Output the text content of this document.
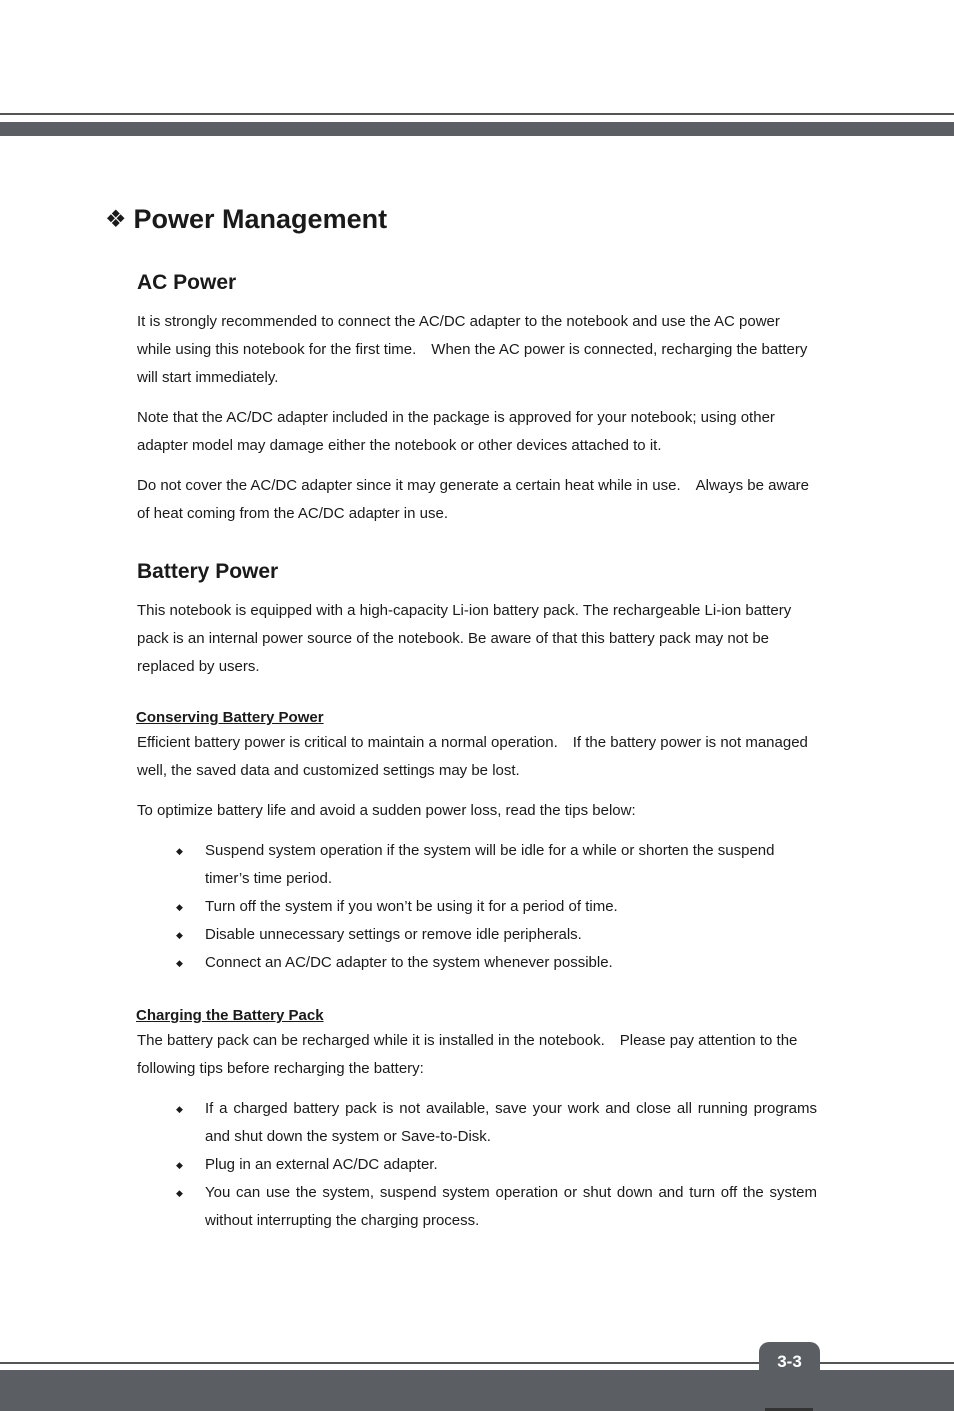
❖ Power Management
AC Power

It is strongly recommended to connect the AC/DC adapter to the notebook and use the AC power while using this notebook for the first time.　When the AC power is connected, recharging the battery will start immediately.

Note that the AC/DC adapter included in the package is approved for your notebook; using other adapter model may damage either the notebook or other devices attached to it.

Do not cover the AC/DC adapter since it may generate a certain heat while in use.　Always be aware of heat coming from the AC/DC adapter in use.

Battery Power

This notebook is equipped with a high-capacity Li-ion battery pack. The rechargeable Li-ion battery pack is an internal power source of the notebook. Be aware of that this battery pack may not be replaced by users.

Conserving Battery Power

Efficient battery power is critical to maintain a normal operation.　If the battery power is not managed well, the saved data and customized settings may be lost.

To optimize battery life and avoid a sudden power loss, read the tips below:

◆ Suspend system operation if the system will be idle for a while or shorten the suspend timer’s time period.
◆ Turn off the system if you won’t be using it for a period of time.
◆ Disable unnecessary settings or remove idle peripherals.
◆ Connect an AC/DC adapter to the system whenever possible.
Charging the Battery Pack

The battery pack can be recharged while it is installed in the notebook.　Please pay attention to the following tips before recharging the battery:

◆ If a charged battery pack is not available, save your work and close all running programs and shut down the system or Save-to-Disk.
◆ Plug in an external AC/DC adapter.
◆ You can use the system, suspend system operation or shut down and turn off the system without interrupting the charging process.
3-3
